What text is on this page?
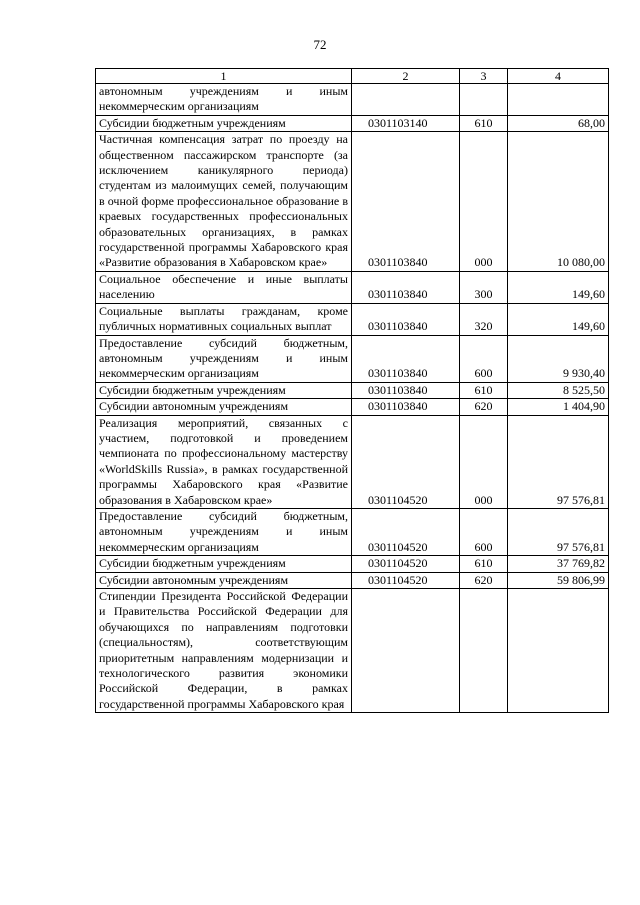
72
1	2	3	4
автономным учреждениям и иным некоммерческим организациям			
Субсидии бюджетным учреждениям	0301103140	610	68,00
Частичная компенсация затрат по проезду на общественном пассажирском транспорте (за исключением каникулярного периода) студентам из малоимущих семей, получающим в очной форме профессиональное образование в краевых государственных профессиональных образовательных организациях, в рамках государственной программы Хабаровского края «Развитие образования в Хабаровском крае»	0301103840	000	10 080,00
Социальное обеспечение и иные выплаты населению	0301103840	300	149,60
Социальные выплаты гражданам, кроме публичных нормативных социальных выплат	0301103840	320	149,60
Предоставление субсидий бюджетным, автономным учреждениям и иным некоммерческим организациям	0301103840	600	9 930,40
Субсидии бюджетным учреждениям	0301103840	610	8 525,50
Субсидии автономным учреждениям	0301103840	620	1 404,90
Реализация мероприятий, связанных с участием, подготовкой и проведением чемпионата по профессиональному мастерству «WorldSkills Russia», в рамках государственной программы Хабаровского края «Развитие образования в Хабаровском крае»	0301104520	000	97 576,81
Предоставление субсидий бюджетным, автономным учреждениям и иным некоммерческим организациям	0301104520	600	97 576,81
Субсидии бюджетным учреждениям	0301104520	610	37 769,82
Субсидии автономным учреждениям	0301104520	620	59 806,99
Стипендии Президента Российской Федерации и Правительства Российской Федерации для обучающихся по направлениям подготовки (специальностям), соответствующим приоритетным направлениям модернизации и технологического развития экономики Российской Федерации, в рамках государственной программы Хабаровского края			
